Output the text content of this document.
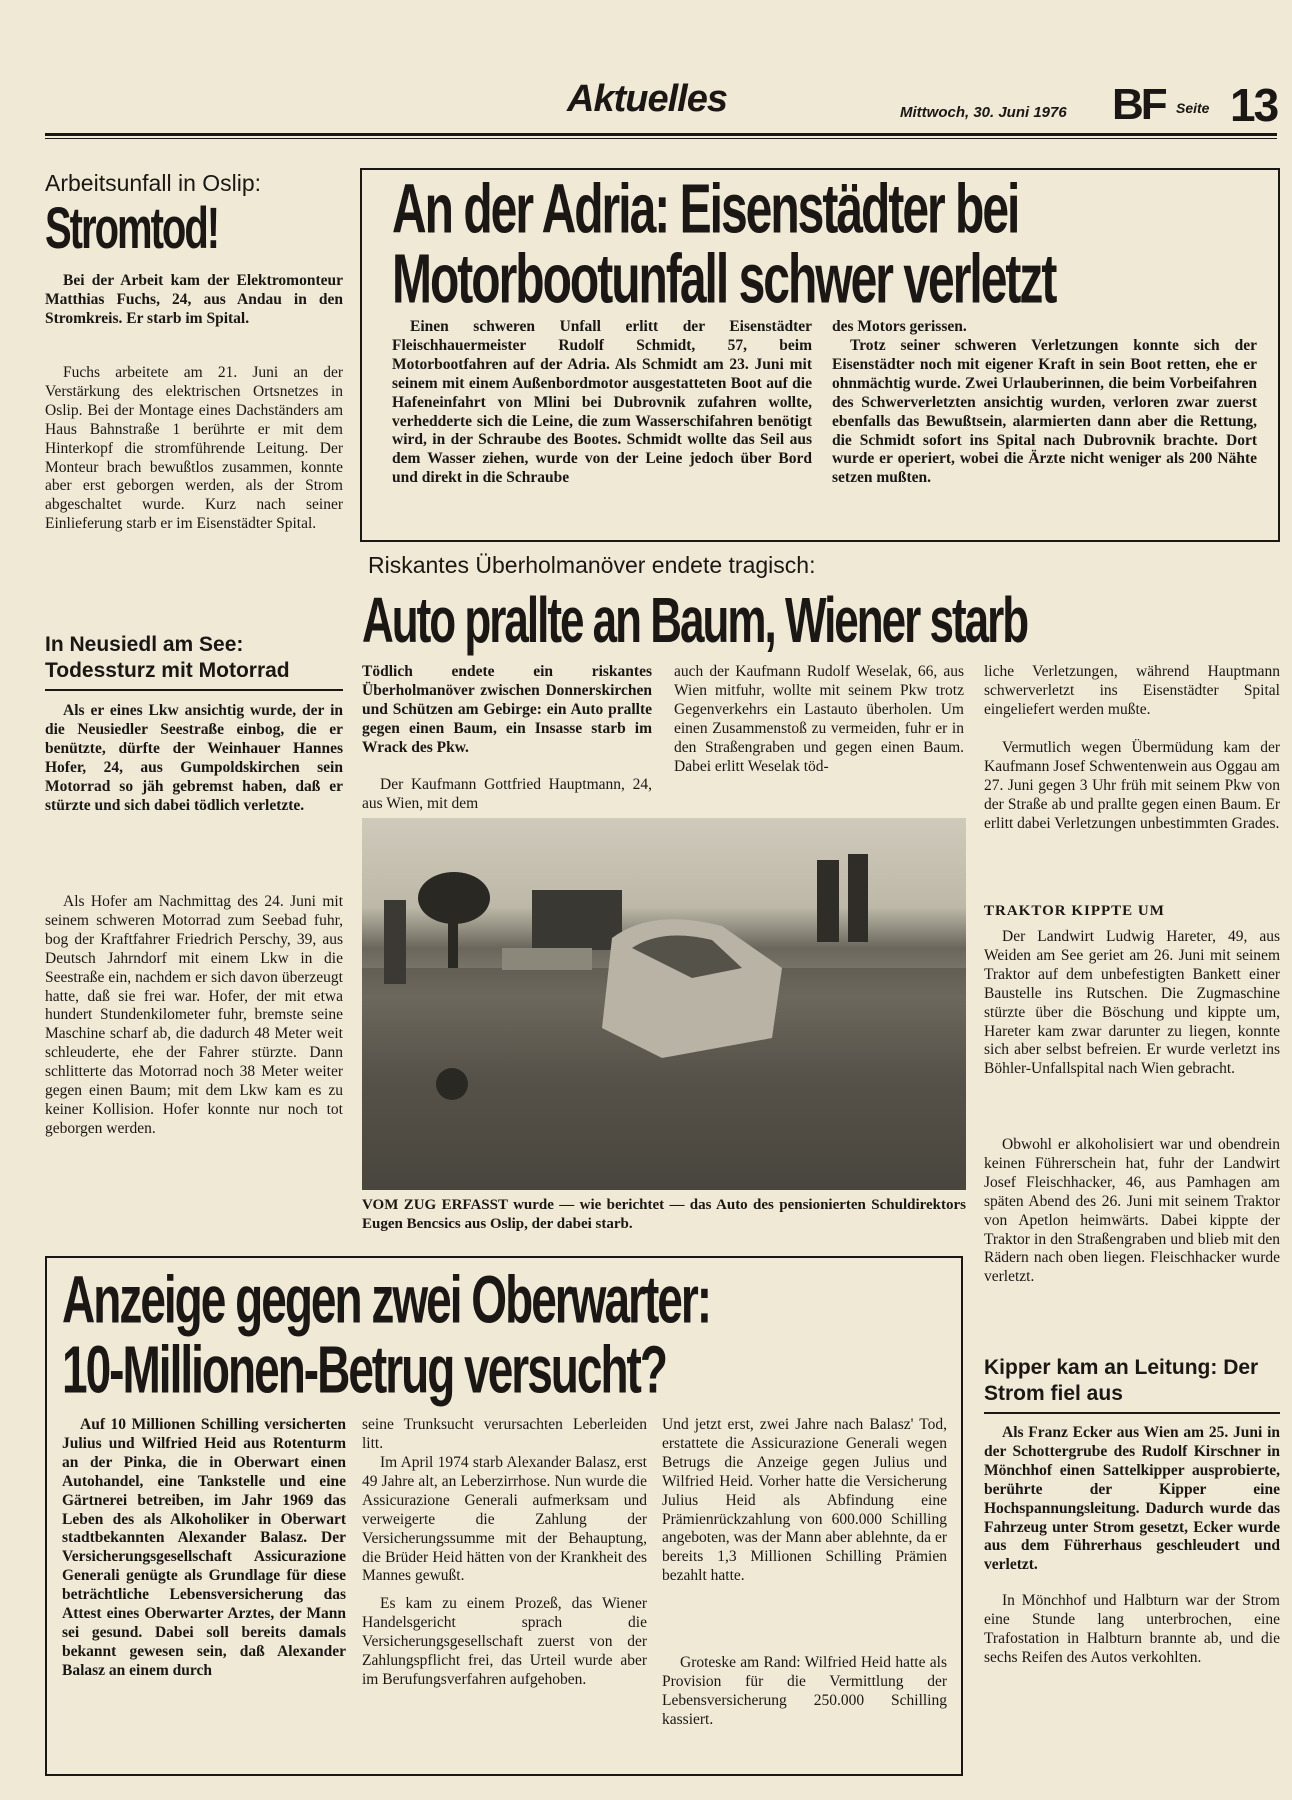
Aktuelles	Mittwoch, 30. Juni 1976 BF Seite 13
Arbeitsunfall in Oslip:
Stromtod!
Bei der Arbeit kam der Elektromonteur Matthias Fuchs, 24, aus Andau in den Stromkreis. Er starb im Spital.
Fuchs arbeitete am 21. Juni an der Verstärkung des elektrischen Ortsnetzes in Oslip. Bei der Montage eines Dachständers am Haus Bahnstraße 1 berührte er mit dem Hinterkopf die stromführende Leitung. Der Monteur brach bewußtlos zusammen, konnte aber erst geborgen werden, als der Strom abgeschaltet wurde. Kurz nach seiner Einlieferung starb er im Eisenstädter Spital.
In Neusiedl am See: Todessturz mit Motorrad
Als er eines Lkw ansichtig wurde, der in die Neusiedler Seestraße einbog, die er benützte, dürfte der Weinhauer Hannes Hofer, 24, aus Gumpoldskirchen sein Motorrad so jäh gebremst haben, daß er stürzte und sich dabei tödlich verletzte.
Als Hofer am Nachmittag des 24. Juni mit seinem schweren Motorrad zum Seebad fuhr, bog der Kraftfahrer Friedrich Perschy, 39, aus Deutsch Jahrndorf mit einem Lkw in die Seestraße ein, nachdem er sich davon überzeugt hatte, daß sie frei war. Hofer, der mit etwa hundert Stundenkilometer fuhr, bremste seine Maschine scharf ab, die dadurch 48 Meter weit schleuderte, ehe der Fahrer stürzte. Dann schlitterte das Motorrad noch 38 Meter weiter gegen einen Baum; mit dem Lkw kam es zu keiner Kollision. Hofer konnte nur noch tot geborgen werden.
An der Adria: Eisenstädter bei
Motorbootunfall schwer verletzt
Einen schweren Unfall erlitt der Eisenstädter Fleischhauermeister Rudolf Schmidt, 57, beim Motorbootfahren auf der Adria. Als Schmidt am 23. Juni mit seinem mit einem Außenbordmotor ausgestatteten Boot auf die Hafeneinfahrt von Mlini bei Dubrovnik zufahren wollte, verhedderte sich die Leine, die zum Wasserschifahren benötigt wird, in der Schraube des Bootes. Schmidt wollte das Seil aus dem Wasser ziehen, wurde von der Leine jedoch über Bord und direkt in die Schraube
des Motors gerissen.
Trotz seiner schweren Verletzungen konnte sich der Eisenstädter noch mit eigener Kraft in sein Boot retten, ehe er ohnmächtig wurde. Zwei Urlauberinnen, die beim Vorbeifahren des Schwerverletzten ansichtig wurden, verloren zwar zuerst ebenfalls das Bewußtsein, alarmierten dann aber die Rettung, die Schmidt sofort ins Spital nach Dubrovnik brachte. Dort wurde er operiert, wobei die Ärzte nicht weniger als 200 Nähte setzen mußten.
Riskantes Überholmanöver endete tragisch:
Auto prallte an Baum, Wiener starb
Tödlich endete ein riskantes Überholmanöver zwischen Donnerskirchen und Schützen am Gebirge: ein Auto prallte gegen einen Baum, ein Insasse starb im Wrack des Pkw.
Der Kaufmann Gottfried Hauptmann, 24, aus Wien, mit dem
auch der Kaufmann Rudolf Weselak, 66, aus Wien mitfuhr, wollte mit seinem Pkw trotz Gegenverkehrs ein Lastauto überholen. Um einen Zusammenstoß zu vermeiden, fuhr er in den Straßengraben und gegen einen Baum. Dabei erlitt Weselak töd-
liche Verletzungen, während Hauptmann schwerverletzt ins Eisenstädter Spital eingeliefert werden mußte.
Vermutlich wegen Übermüdung kam der Kaufmann Josef Schwentenwein aus Oggau am 27. Juni gegen 3 Uhr früh mit seinem Pkw von der Straße ab und prallte gegen einen Baum. Er erlitt dabei Verletzungen unbestimmten Grades.
VOM ZUG ERFASST wurde — wie berichtet — das Auto des pensionierten Schuldirektors Eugen Bencsics aus Oslip, der dabei starb.
TRAKTOR KIPPTE UM
Der Landwirt Ludwig Hareter, 49, aus Weiden am See geriet am 26. Juni mit seinem Traktor auf dem unbefestigten Bankett einer Baustelle ins Rutschen. Die Zugmaschine stürzte über die Böschung und kippte um, Hareter kam zwar darunter zu liegen, konnte sich aber selbst befreien. Er wurde verletzt ins Böhler-Unfallspital nach Wien gebracht.
Obwohl er alkoholisiert war und obendrein keinen Führerschein hat, fuhr der Landwirt Josef Fleischhacker, 46, aus Pamhagen am späten Abend des 26. Juni mit seinem Traktor von Apetlon heimwärts. Dabei kippte der Traktor in den Straßengraben und blieb mit den Rädern nach oben liegen. Fleischhacker wurde verletzt.
Kipper kam an Leitung: Der Strom fiel aus
Als Franz Ecker aus Wien am 25. Juni in der Schottergrube des Rudolf Kirschner in Mönchhof einen Sattelkipper ausprobierte, berührte der Kipper eine Hochspannungsleitung. Dadurch wurde das Fahrzeug unter Strom gesetzt, Ecker wurde aus dem Führerhaus geschleudert und verletzt.
In Mönchhof und Halbturn war der Strom eine Stunde lang unterbrochen, eine Trafostation in Halbturn brannte ab, und die sechs Reifen des Autos verkohlten.
Anzeige gegen zwei Oberwarter:
10-Millionen-Betrug versucht?
Auf 10 Millionen Schilling versicherten Julius und Wilfried Heid aus Rotenturm an der Pinka, die in Oberwart einen Autohandel, eine Tankstelle und eine Gärtnerei betreiben, im Jahr 1969 das Leben des als Alkoholiker in Oberwart stadtbekannten Alexander Balasz. Der Versicherungsgesellschaft Assicurazione Generali genügte als Grundlage für diese beträchtliche Lebensversicherung das Attest eines Oberwarter Arztes, der Mann sei gesund. Dabei soll bereits damals bekannt gewesen sein, daß Alexander Balasz an einem durch
seine Trunksucht verursachten Leberleiden litt.
Im April 1974 starb Alexander Balasz, erst 49 Jahre alt, an Leberzirrhose. Nun wurde die Assicurazione Generali aufmerksam und verweigerte die Zahlung der Versicherungssumme mit der Behauptung, die Brüder Heid hätten von der Krankheit des Mannes gewußt.
Es kam zu einem Prozeß, das Wiener Handelsgericht sprach die Versicherungsgesellschaft zuerst von der Zahlungspflicht frei, das Urteil wurde aber im Berufungsverfahren aufgehoben.
Und jetzt erst, zwei Jahre nach Balasz' Tod, erstattete die Assicurazione Generali wegen Betrugs die Anzeige gegen Julius und Wilfried Heid. Vorher hatte die Versicherung Julius Heid als Abfindung eine Prämienrückzahlung von 600.000 Schilling angeboten, was der Mann aber ablehnte, da er bereits 1,3 Millionen Schilling Prämien bezahlt hatte.
Groteske am Rand: Wilfried Heid hatte als Provision für die Vermittlung der Lebensversicherung 250.000 Schilling kassiert.
